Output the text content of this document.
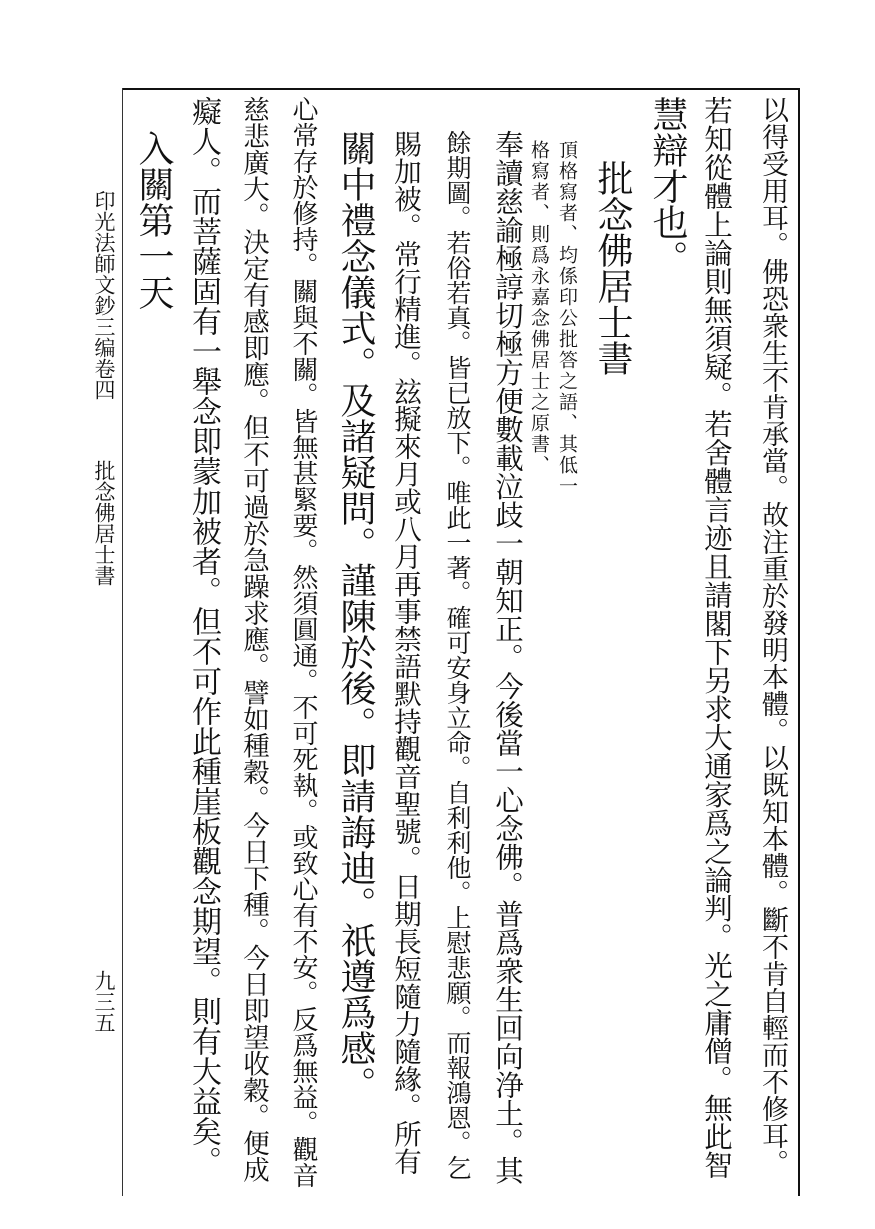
以得受用耳。佛恐衆生不肯承當。故注重於發明本體。以既知本體。斷不肯自輕而不修耳。
若知從體上論則無須疑。若舍體言迹且請閣下另求大通家爲之論判。光之庸僧。無此智
慧辯才也。
批念佛居士書
頂格寫者、均係印公批答之語、其低一
格寫者、則爲永嘉念佛居士之原書、
奉讀慈諭極諄切極方便數載泣歧一朝知正。今後當一心念佛。普爲衆生回向浄土。其
餘期圖。若俗若真。皆已放下。唯此一著。確可安身立命。自利利他。上慰悲願。而報鴻恩。乞
賜加被。常行精進。玆擬來月或八月再事禁語默持觀音聖號。日期長短隨力隨緣。所有
關中禮念儀式。及諸疑問。謹陳於後。即請誨迪。祇遵爲感。
心常存於修持。關與不關。皆無甚緊要。然須圓通。不可死執。或致心有不安。反爲無益。觀音
慈悲廣大。決定有感即應。但不可過於急躁求應。譬如種穀。今日下種。今日即望收穀。便成
癡人。而菩薩固有一舉念即蒙加被者。但不可作此種崖板觀念期望。則有大益矣。
入關第一天
印光法師文鈔三编卷四
批念佛居士書
九三五
